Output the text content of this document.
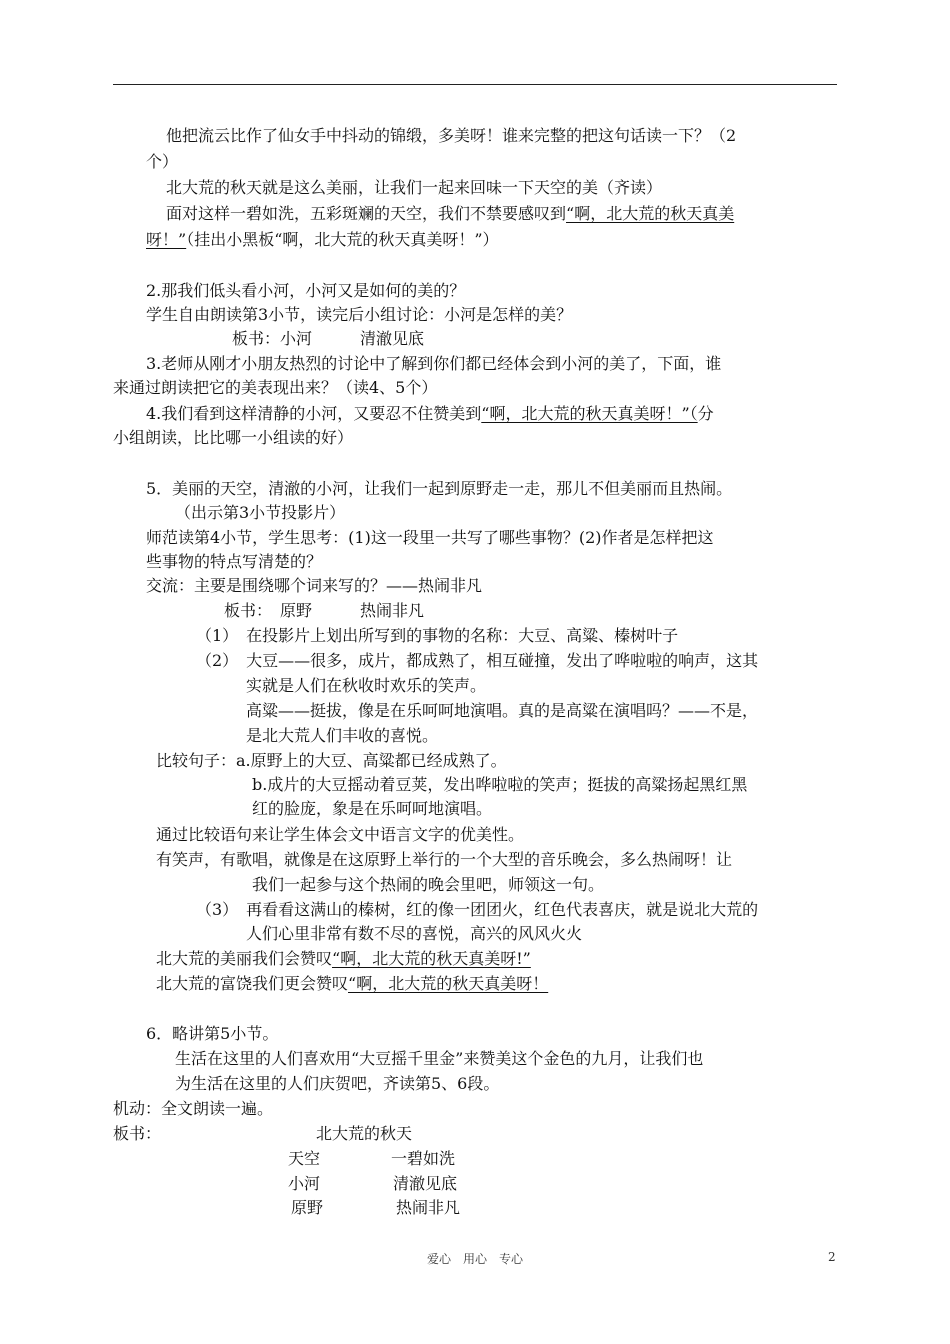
他把流云比作了仙女手中抖动的锦缎，多美呀！谁来完整的把这句话读一下？（2
个）
北大荒的秋天就是这么美丽，让我们一起来回味一下天空的美（齐读）
面对这样一碧如洗，五彩斑斓的天空，我们不禁要感叹到“啊，北大荒的秋天真美
呀！”（挂出小黑板“啊，北大荒的秋天真美呀！”）
2.那我们低头看小河，小河又是如何的美的？
学生自由朗读第3小节，读完后小组讨论：小河是怎样的美？
板书：小河　　　清澈见底
3.老师从刚才小朋友热烈的讨论中了解到你们都已经体会到小河的美了，下面，谁
来通过朗读把它的美表现出来？（读4、5个）
4.我们看到这样清静的小河，又要忍不住赞美到“啊，北大荒的秋天真美呀！”（分
小组朗读，比比哪一小组读的好）
5．美丽的天空，清澈的小河，让我们一起到原野走一走，那儿不但美丽而且热闹。
（出示第3小节投影片）
师范读第4小节，学生思考：(1)这一段里一共写了哪些事物？(2)作者是怎样把这
些事物的特点写清楚的？
交流：主要是围绕哪个词来写的？——热闹非凡
板书：　原野　　　热闹非凡
（1）　在投影片上划出所写到的事物的名称：大豆、高粱、榛树叶子
（2）　大豆——很多，成片，都成熟了，相互碰撞，发出了哗啦啦的响声，这其
实就是人们在秋收时欢乐的笑声。
高粱——挺拔，像是在乐呵呵地演唱。真的是高粱在演唱吗？——不是，
是北大荒人们丰收的喜悦。
比较句子：a.原野上的大豆、高粱都已经成熟了。
b.成片的大豆摇动着豆荚，发出哗啦啦的笑声；挺拔的高粱扬起黑红黑
红的脸庞，象是在乐呵呵地演唱。
通过比较语句来让学生体会文中语言文字的优美性。
有笑声，有歌唱，就像是在这原野上举行的一个大型的音乐晚会，多么热闹呀！让
我们一起参与这个热闹的晚会里吧，师领这一句。
（3）　再看看这满山的榛树，红的像一团团火，红色代表喜庆，就是说北大荒的
人们心里非常有数不尽的喜悦，高兴的风风火火
北大荒的美丽我们会赞叹“啊，北大荒的秋天真美呀!”
北大荒的富饶我们更会赞叹“啊，北大荒的秋天真美呀！
6．略讲第5小节。
生活在这里的人们喜欢用“大豆摇千里金”来赞美这个金色的九月，让我们也
为生活在这里的人们庆贺吧，齐读第5、6段。
机动：全文朗读一遍。
板书：	北大荒的秋天
天空	一碧如洗
小河	清澈见底
原野	热闹非凡
爱心　用心　专心	2
